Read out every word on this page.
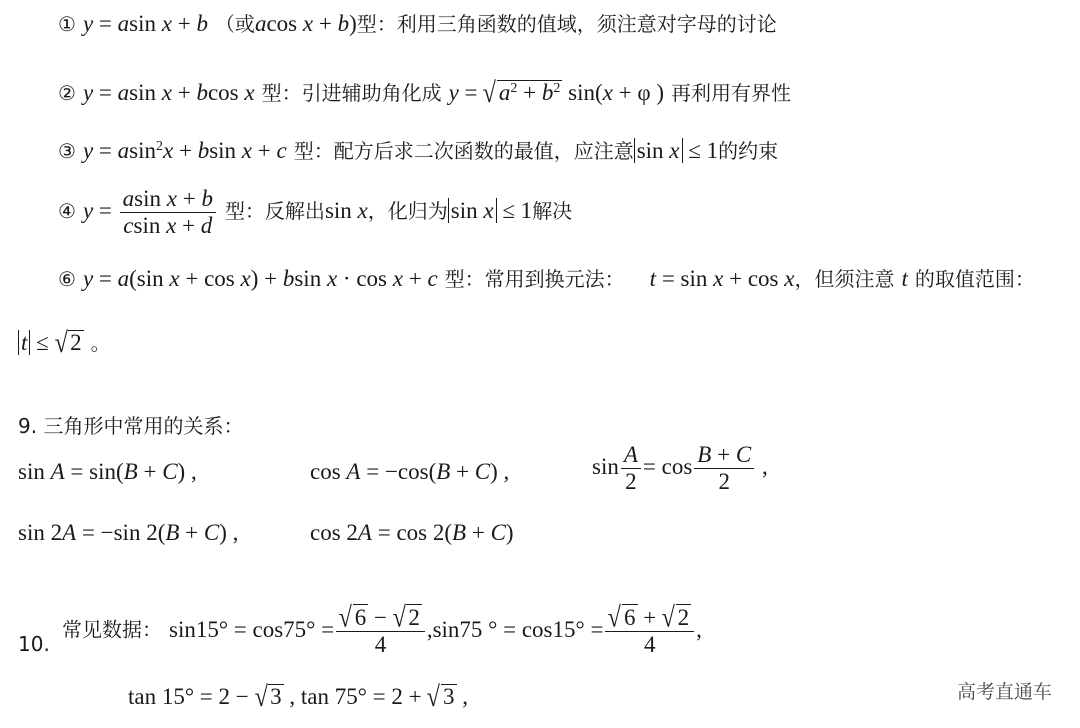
① y = asin x + b （或acos x + b)型：利用三角函数的值域，须注意对字母的讨论
② y = asin x + bcos x 型：引进辅助角化成 y = √ $a^2 + b^2$ sin(x + φ ) 再利用有界性
③ y = asin$^2$x + bsin x + c 型：配方后求二次函数的最值，应注意 sin x ≤ 1的约束
④ $y = \frac{\text{asin x + b}}{\text{csin x + d}}$ 型：反解出sin x，化归为 sin x ≤ 1解决
⑥ y = a(sin x + cos x) + bsin x · cos x + c 型：常用到换元法： t = sin x + cos x，但须注意 t 的取值范围：
t ≤ √ 2 。
9. 三角形中常用的关系：
sin A = sin(B + C) ,	cos A = −cos(B + C) ,	$\sin \frac{A}{2} = \cos \frac{B + C}{2}$ ,
sin 2A = −sin 2(B + C) ,	cos 2A = cos 2(B + C)
10.
常见数据： $\sin 15^\circ = \cos 75^\circ = \frac{√ 6 - √ 2}{4} ,\sin 75$ ° = $\cos 15^\circ = \frac{√ 6 + √ 2}{4}$ ,
tan 15° = 2 − √ 3 , tan 75° = 2 + √ 3 ,	高考直通车
